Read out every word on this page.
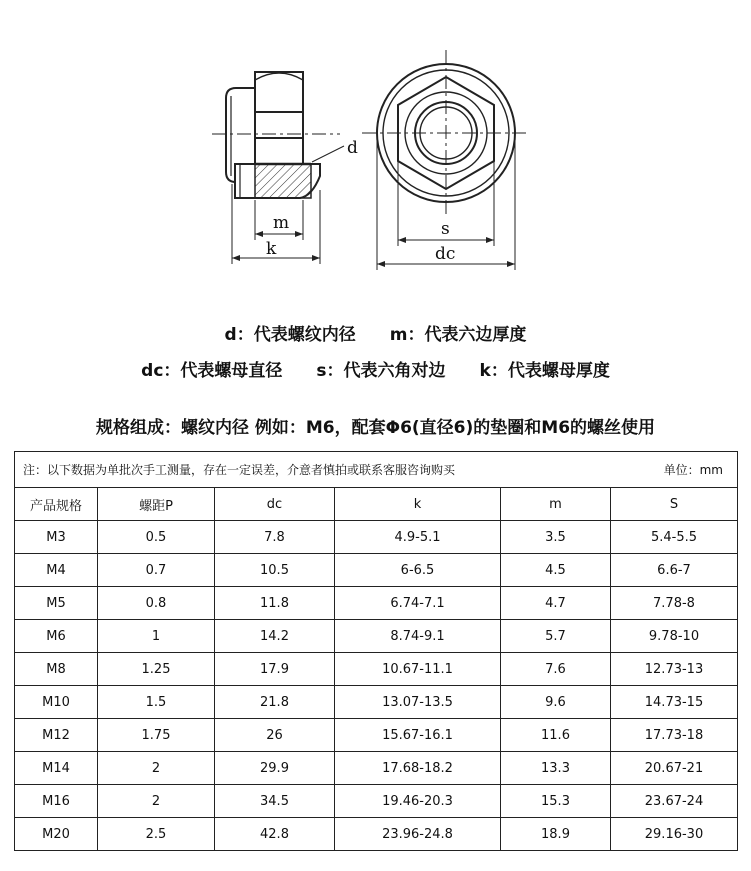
d
m
k
s
dc
d：代表螺纹内径 m：代表六边厚度
dc：代表螺母直径 s：代表六角对边 k：代表螺母厚度
规格组成：螺纹内径 例如：M6，配套Φ6(直径6)的垫圈和M6的螺丝使用
注：以下数据为单批次手工测量，存在一定误差，介意者慎拍或联系客服咨询购买 单位：mm					

产品规格	螺距P	dc	k	m	S
M3	0.5	7.8	4.9-5.1	3.5	5.4-5.5
M4	0.7	10.5	6-6.5	4.5	6.6-7
M5	0.8	11.8	6.74-7.1	4.7	7.78-8
M6	1	14.2	8.74-9.1	5.7	9.78-10
M8	1.25	17.9	10.67-11.1	7.6	12.73-13
M10	1.5	21.8	13.07-13.5	9.6	14.73-15
M12	1.75	26	15.67-16.1	11.6	17.73-18
M14	2	29.9	17.68-18.2	13.3	20.67-21
M16	2	34.5	19.46-20.3	15.3	23.67-24
M20	2.5	42.8	23.96-24.8	18.9	29.16-30
